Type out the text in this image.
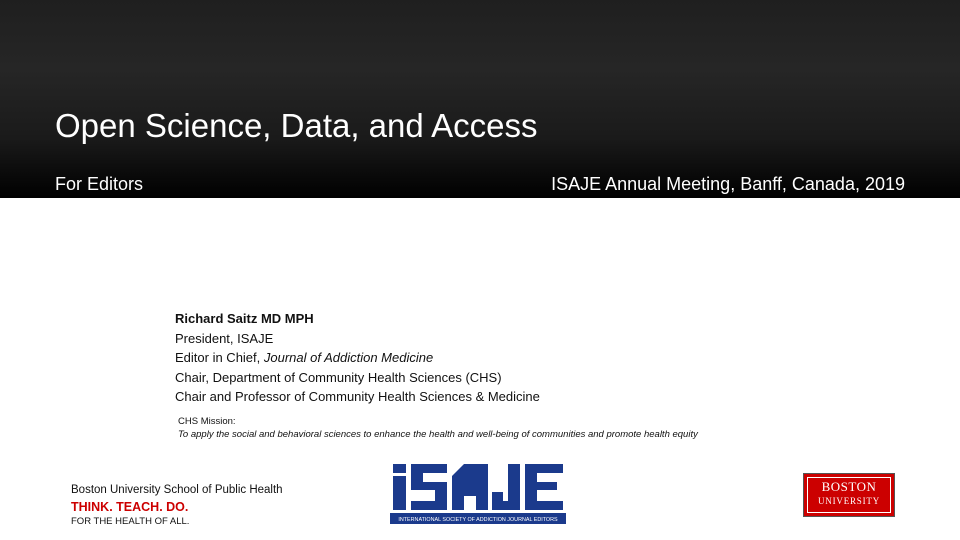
Open Science, Data, and Access
For Editors	ISAJE Annual Meeting, Banff, Canada, 2019
Richard Saitz MD MPH
President, ISAJE
Editor in Chief, Journal of Addiction Medicine
Chair, Department of Community Health Sciences (CHS)
Chair and Professor of Community Health Sciences & Medicine
CHS Mission:
To apply the social and behavioral sciences to enhance the health and well-being of communities and promote health equity
Boston University School of Public Health
THINK. TEACH. DO.
FOR THE HEALTH OF ALL.	INTERNATIONAL SOCIETY OF ADDICTION JOURNAL EDITORS
BOSTON
UNIVERSITY
